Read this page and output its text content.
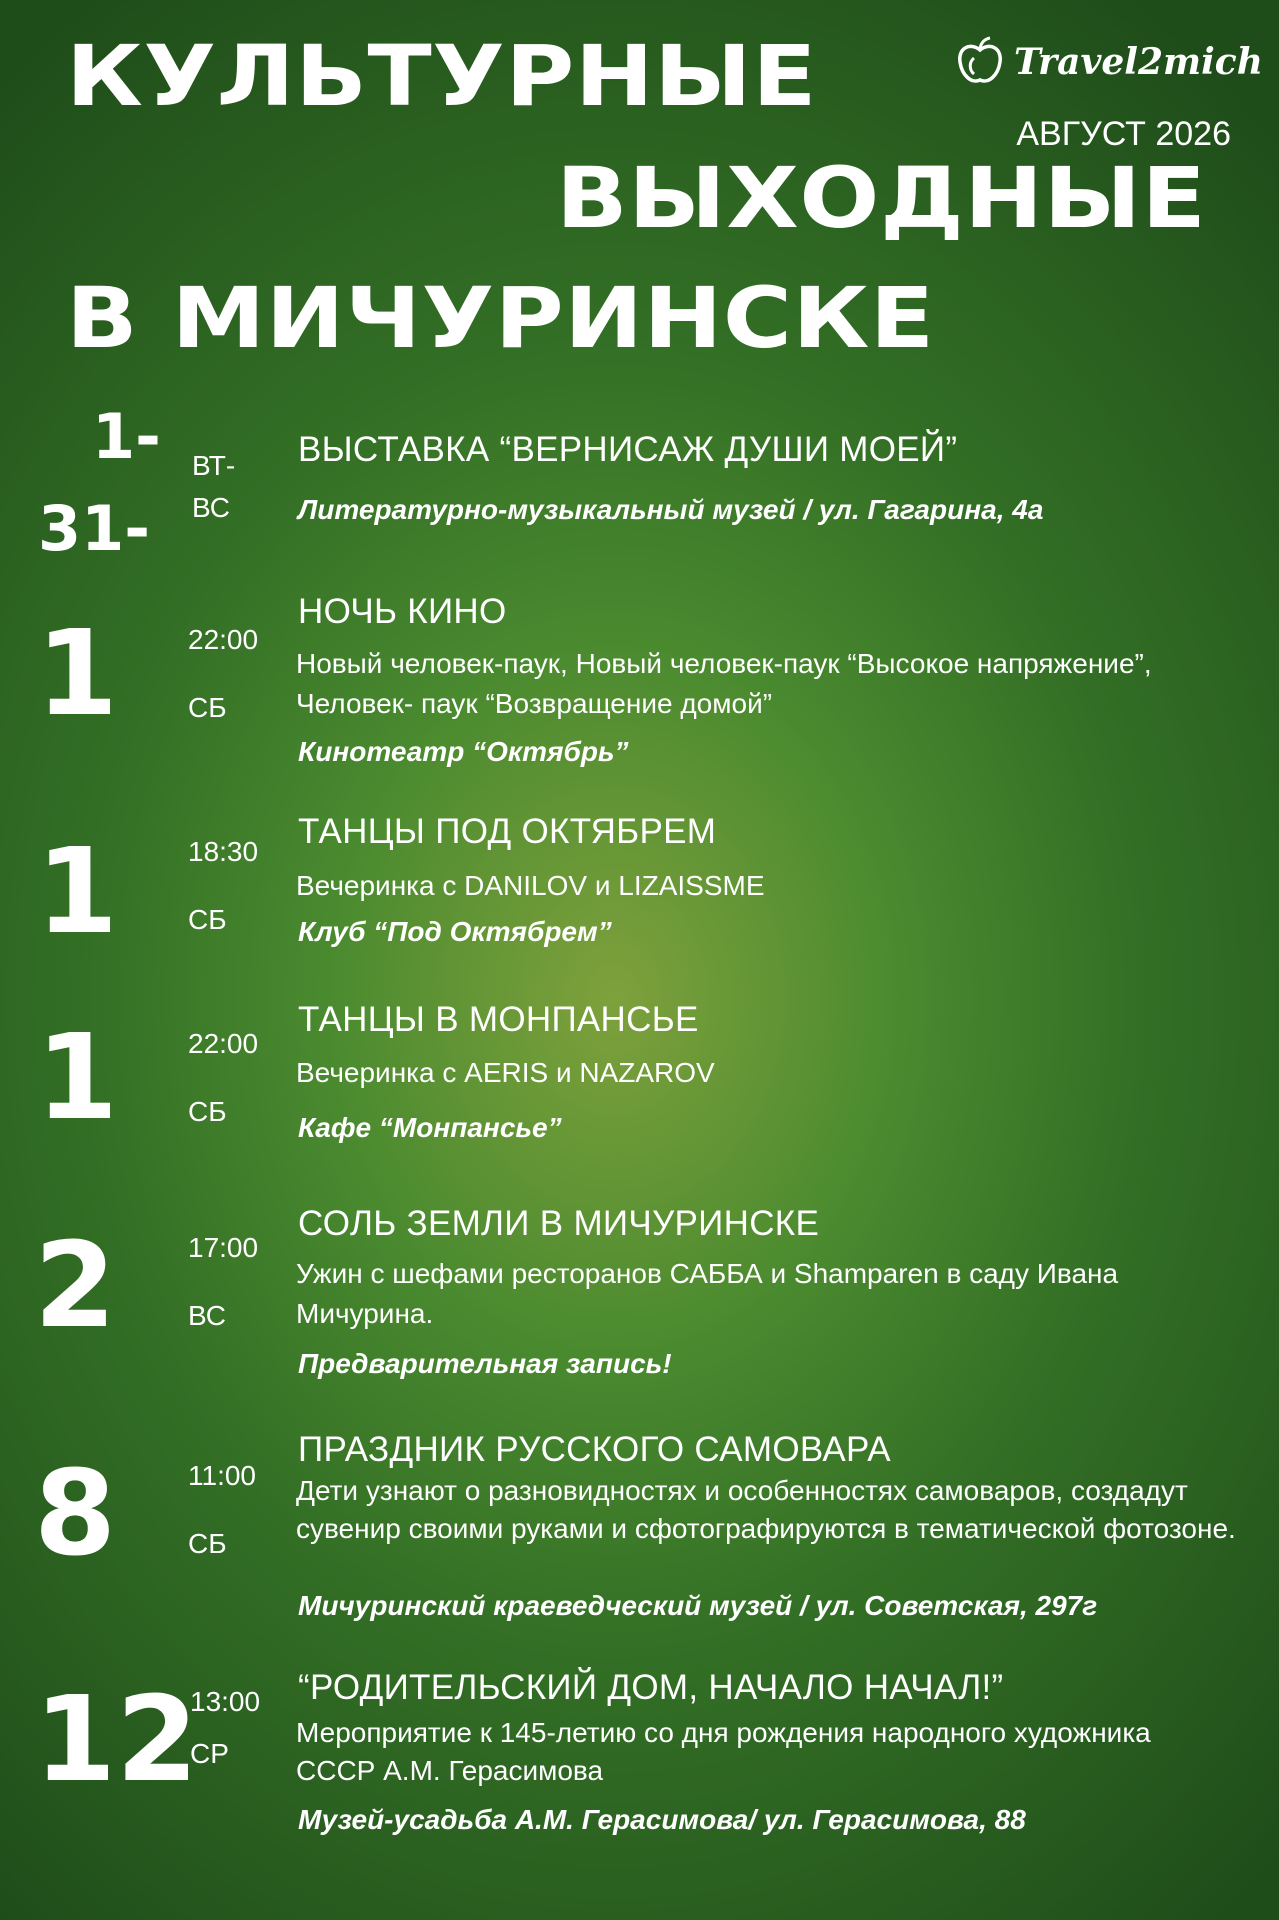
КУЛЬТУРНЫЕ
ВЫХОДНЫЕ
В МИЧУРИНСКЕ
Travel2mich
АВГУСТ 2026
1-
31-
ВТ-
ВС
ВЫСТАВКА “ВЕРНИСАЖ ДУШИ МОЕЙ”
Литературно-музыкальный музей / ул. Гагарина, 4а
1 22:00
СБ
НОЧЬ КИНО
Новый человек-паук, Новый человек-паук “Высокое напряжение”, Человек- паук “Возвращение домой”
Кинотеатр “Октябрь”
1 18:30
СБ
ТАНЦЫ ПОД ОКТЯБРЕМ
Вечеринка с DANILOV и LIZAISSME
Клуб “Под Октябрем”
1 22:00
СБ
ТАНЦЫ В МОНПАНСЬЕ
Вечеринка с AERIS и NAZAROV
Кафе “Монпансье”
2	17:00
ВС
СОЛЬ ЗЕМЛИ В МИЧУРИНСКЕ
Ужин с шефами ресторанов САББА и Shamparen в саду Ивана Мичурина.
Предварительная запись!
8	11:00
СБ
ПРАЗДНИК РУССКОГО САМОВАРА
Дети узнают о разновидностях и особенностях самоваров, создадут сувенир своими руками и сфотографируются в тематической фотозоне.
Мичуринский краеведческий музей / ул. Советская, 297г
12
13:00
СР
“РОДИТЕЛЬСКИЙ ДОМ, НАЧАЛО НАЧАЛ!”
Мероприятие к 145-летию со дня рождения народного художника СССР А.М. Герасимова
Музей-усадьба А.М. Герасимова/ ул. Герасимова, 88
